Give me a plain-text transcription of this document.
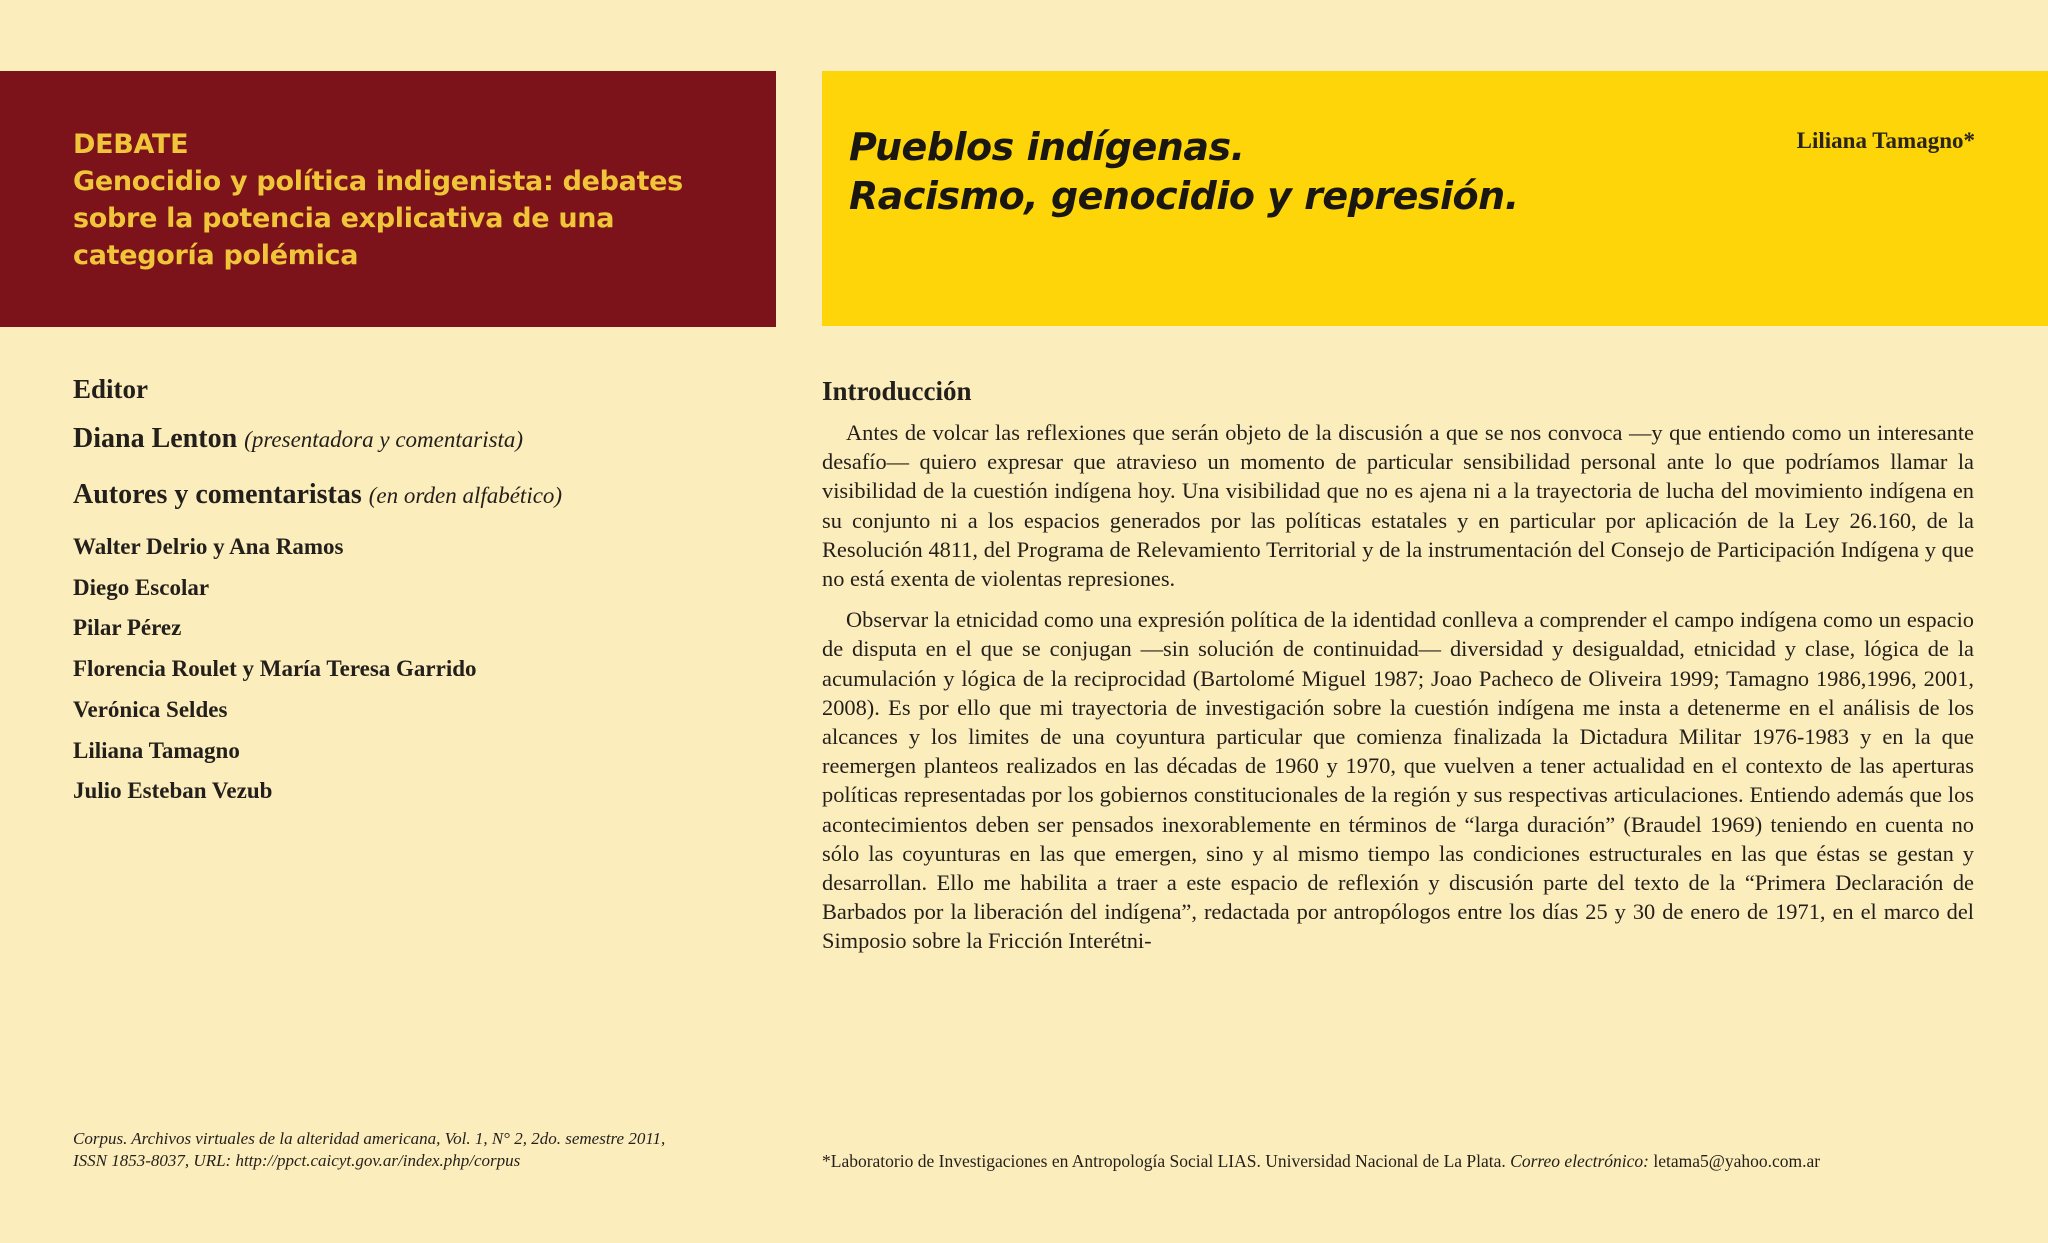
DEBATE
Genocidio y política indigenista: debates sobre la potencia explicativa de una categoría polémica
Pueblos indígenas.
Racismo, genocidio y represión.
Liliana Tamagno*
Editor
Diana Lenton (presentadora y comentarista)
Autores y comentaristas (en orden alfabético)
Walter Delrio y Ana Ramos
Diego Escolar
Pilar Pérez
Florencia Roulet y María Teresa Garrido
Verónica Seldes
Liliana Tamagno
Julio Esteban Vezub
Introducción

Antes de volcar las reflexiones que serán objeto de la discusión a que se nos convoca —y que entiendo como un interesante desafío— quiero expresar que atravieso un momento de particular sensibilidad personal ante lo que podríamos llamar la visibilidad de la cuestión indígena hoy. Una visibilidad que no es ajena ni a la trayectoria de lucha del movimiento indígena en su conjunto ni a los espacios generados por las políticas estatales y en particular por aplicación de la Ley 26.160, de la Resolución 4811, del Programa de Relevamiento Territorial y de la instrumentación del Consejo de Participación Indígena y que no está exenta de violentas represiones.

Observar la etnicidad como una expresión política de la identidad conlleva a comprender el campo indígena como un espacio de disputa en el que se conjugan —sin solución de continuidad— diversidad y desigualdad, etnicidad y clase, lógica de la acumulación y lógica de la reciprocidad (Bartolomé Miguel 1987; Joao Pacheco de Oliveira 1999; Tamagno 1986,1996, 2001, 2008). Es por ello que mi trayectoria de investigación sobre la cuestión indígena me insta a detenerme en el análisis de los alcances y los limites de una coyuntura particular que comienza finalizada la Dictadura Militar 1976-1983 y en la que reemergen planteos realizados en las décadas de 1960 y 1970, que vuelven a tener actualidad en el contexto de las aperturas políticas representadas por los gobiernos constitucionales de la región y sus respectivas articulaciones. Entiendo además que los acontecimientos deben ser pensados inexorablemente en términos de “larga duración” (Braudel 1969) teniendo en cuenta no sólo las coyunturas en las que emergen, sino y al mismo tiempo las condiciones estructurales en las que éstas se gestan y desarrollan. Ello me habilita a traer a este espacio de reflexión y discusión parte del texto de la “Primera Declaración de Barbados por la liberación del indígena”, redactada por antropólogos entre los días 25 y 30 de enero de 1971, en el marco del Simposio sobre la Fricción Interétni-

Corpus. Archivos virtuales de la alteridad americana, Vol. 1, N° 2, 2do. semestre 2011,
ISSN 1853-8037, URL: http://ppct.caicyt.gov.ar/index.php/corpus	*Laboratorio de Investigaciones en Antropología Social LIAS. Universidad Nacional de La Plata. Correo electrónico: letama5@yahoo.com.ar
